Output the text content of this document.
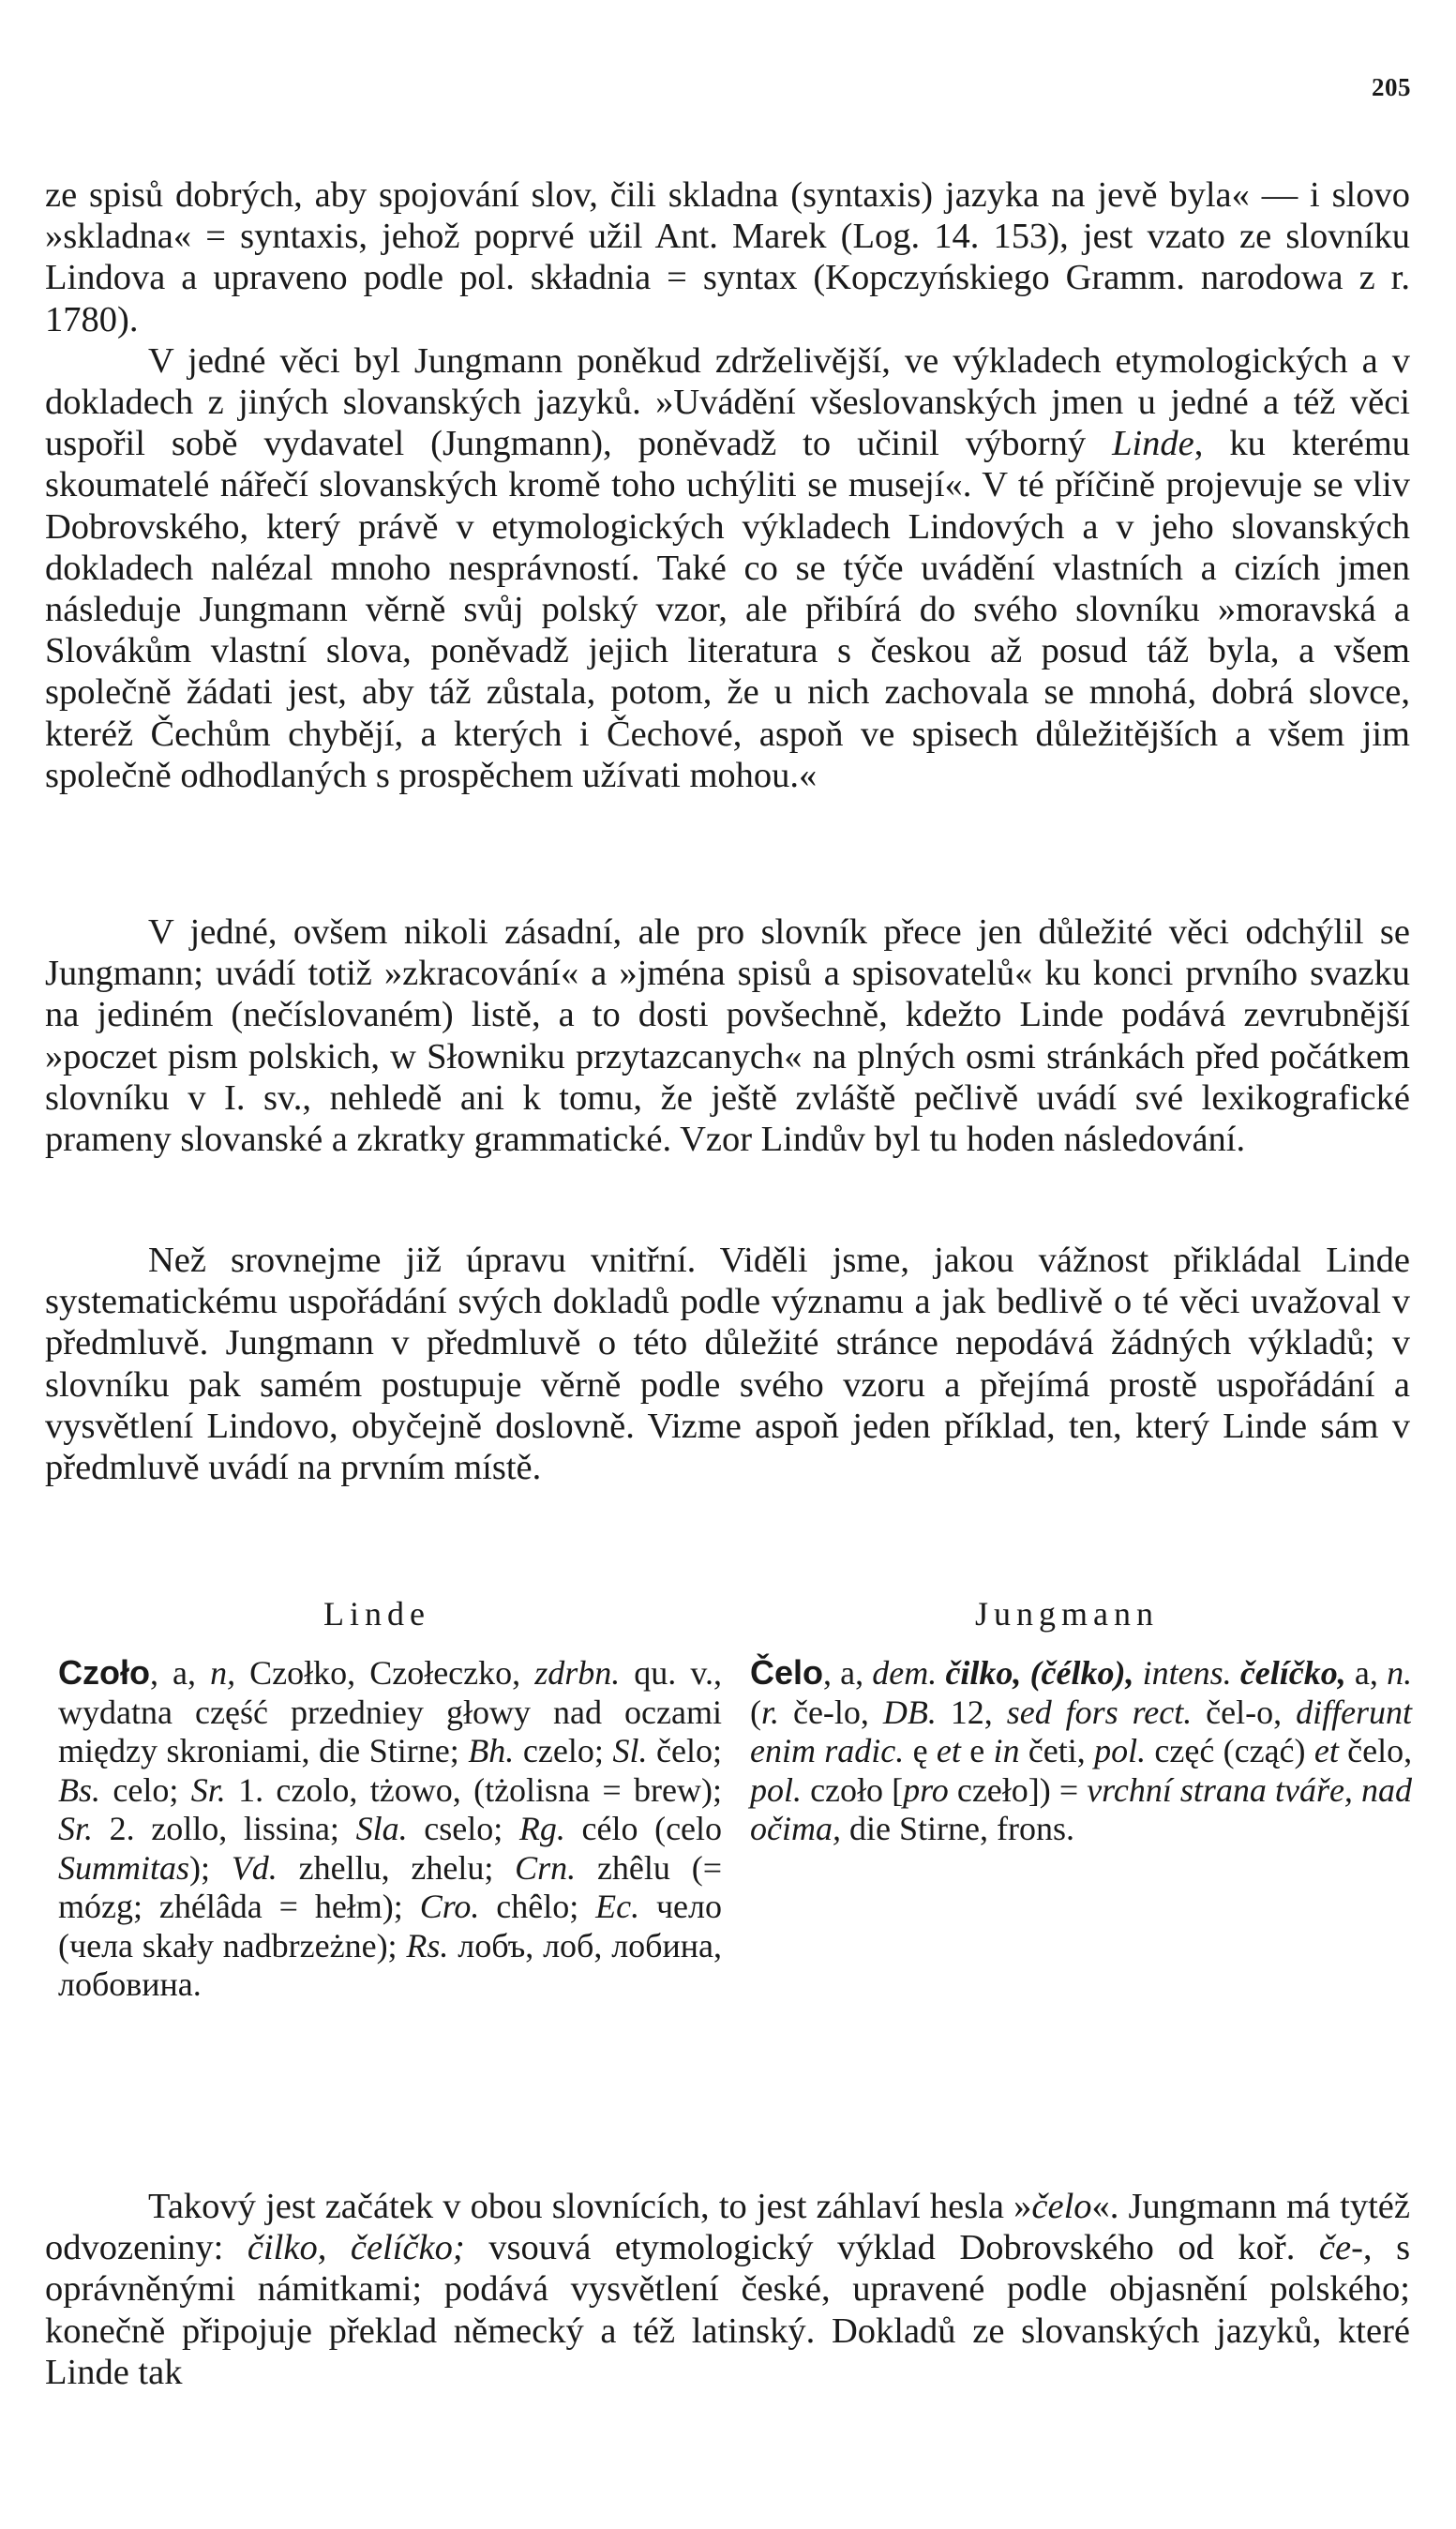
205

ze spisů dobrých, aby spojování slov, čili skladna (syntaxis) jazyka na jevě byla« — i slovo »skladna« = syntaxis, jehož poprvé užil Ant. Marek (Log. 14. 153), jest vzato ze slovníku Lindova a upraveno podle pol. składnia = syntax (Kopczyńskiego Gramm. narodowa z r. 1780).

V jedné věci byl Jungmann poněkud zdrželivější, ve výkladech etymologických a v dokladech z jiných slovanských jazyků. »Uvádění všeslovanských jmen u jedné a též věci uspořil sobě vydavatel (Jungmann), poněvadž to učinil výborný Linde, ku kterému skoumatelé nářečí slovanských kromě toho uchýliti se musejí«. V té příčině projevuje se vliv Dobrovského, který právě v etymologických výkladech Lindových a v jeho slovanských dokladech nalézal mnoho nesprávností. Také co se týče uvádění vlastních a cizích jmen následuje Jungmann věrně svůj polský vzor, ale přibírá do svého slovníku »moravská a Slovákům vlastní slova, poněvadž jejich literatura s českou až posud táž byla, a všem společně žádati jest, aby táž zůstala, potom, že u nich zachovala se mnohá, dobrá slovce, kteréž Čechům chybějí, a kterých i Čechové, aspoň ve spisech důležitějších a všem jim společně odhodlaných s prospěchem užívati mohou.«

V jedné, ovšem nikoli zásadní, ale pro slovník přece jen důležité věci odchýlil se Jungmann; uvádí totiž »zkracování« a »jména spisů a spisovatelů« ku konci prvního svazku na jediném (nečíslovaném) listě, a to dosti povšechně, kdežto Linde podává zevrubnější »poczet pism polskich, w Słowniku przytazcanych« na plných osmi stránkách před počátkem slovníku v I. sv., nehledě ani k tomu, že ještě zvláště pečlivě uvádí své lexikografické prameny slovanské a zkratky grammatické. Vzor Lindův byl tu hoden následování.

Než srovnejme již úpravu vnitřní. Viděli jsme, jakou vážnost přikládal Linde systematickému uspořádání svých dokladů podle významu a jak bedlivě o té věci uvažoval v předmluvě. Jungmann v předmluvě o této důležité stránce nepodává žádných výkladů; v slovníku pak samém postupuje věrně podle svého vzoru a přejímá prostě uspořádání a vysvětlení Lindovo, obyčejně doslovně. Vizme aspoň jeden příklad, ten, který Linde sám v předmluvě uvádí na prvním místě.

Linde	Jungmann
Czoło, a, n, Czołko, Czołeczko, zdrbn. qu. v., wydatna część przedniey głowy nad oczami między skroniami, die Stirne; Bh. czelo; Sl. čelo; Bs. celo; Sr. 1. czolo, tżowo, (tżolisna = brew); Sr. 2. zollo, lissina; Sla. cselo; Rg. célo (celo Summitas); Vd. zhellu, zhelu; Crn. zhêlu (= mózg; zhélâda = hełm); Cro. chêlo; Ec. чело (чела skały nadbrzeżne); Rs. лобъ, лоб, лобина, лобовина.
Čelo, a, dem. čilko, (čélko), intens. čelíčko, a, n. (r. če-lo, DB. 12, sed fors rect. čel-o, differunt enim radic. ę et e in četi, pol. częć (cząć) et čelo, pol. czoło [pro czeło]) = vrchní strana tváře, nad očima, die Stirne, frons.

Takový jest začátek v obou slovnících, to jest záhlaví hesla »čelo«. Jungmann má tytéž odvozeniny: čilko, čelíčko; vsouvá etymologický výklad Dobrovského od koř. če-, s oprávněnými námitkami; podává vysvětlení české, upravené podle objasnění polského; konečně připojuje překlad německý a též latinský. Dokladů ze slovanských jazyků, které Linde tak
